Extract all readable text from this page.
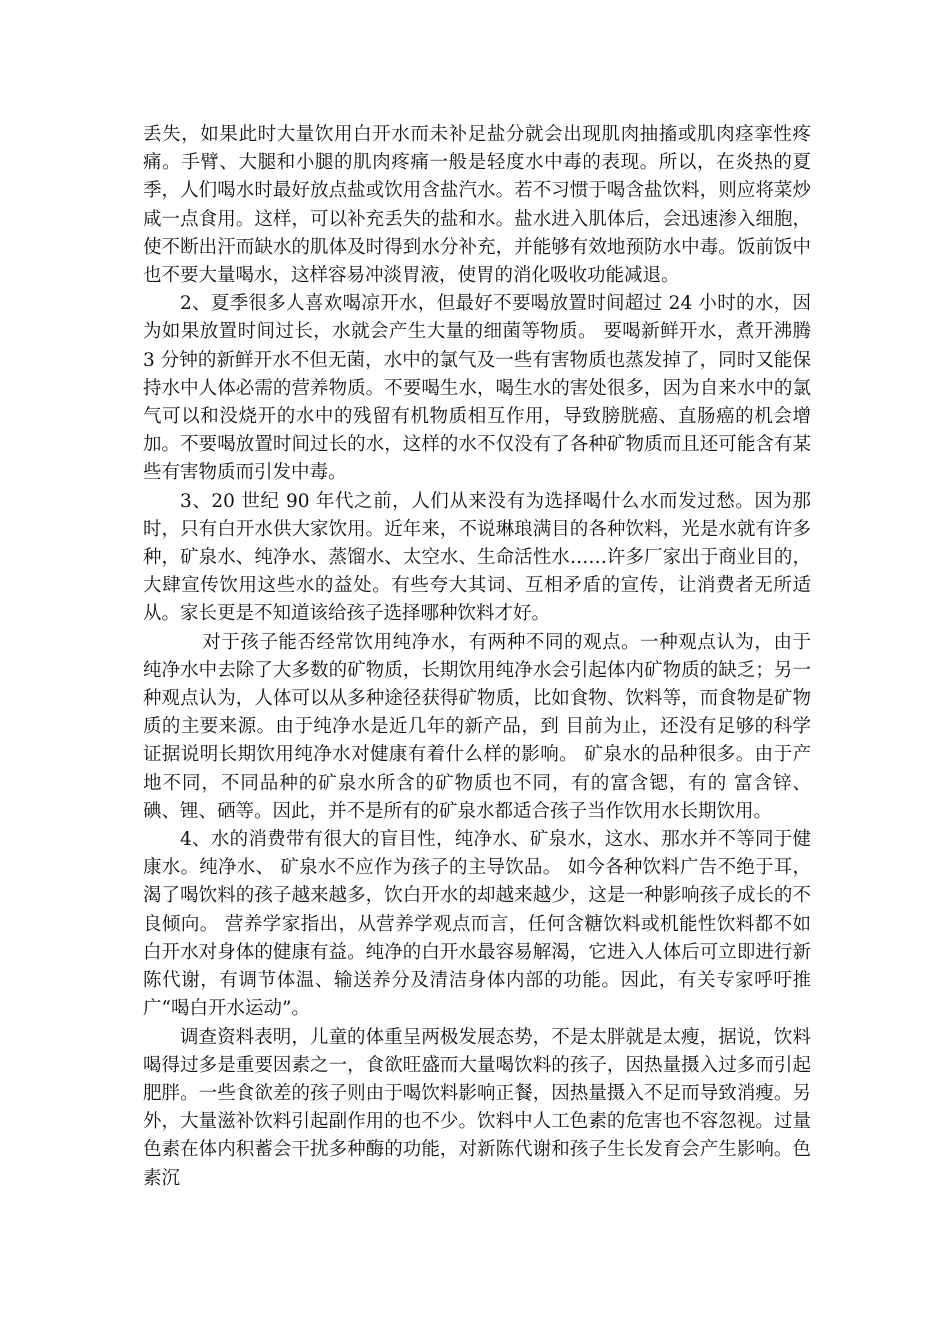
丢失，如果此时大量饮用白开水而未补足盐分就会出现肌肉抽搐或肌肉痉挛性疼痛。手臂、大腿和小腿的肌肉疼痛一般是轻度水中毒的表现。所以，在炎热的夏季，人们喝水时最好放点盐或饮用含盐汽水。若不习惯于喝含盐饮料，则应将菜炒咸一点食用。这样，可以补充丢失的盐和水。盐水进入肌体后，会迅速渗入细胞，使不断出汗而缺水的肌体及时得到水分补充，并能够有效地预防水中毒。饭前饭中也不要大量喝水，这样容易冲淡胃液，使胃的消化吸收功能减退。

2、夏季很多人喜欢喝凉开水，但最好不要喝放置时间超过 24 小时的水，因为如果放置时间过长，水就会产生大量的细菌等物质。 要喝新鲜开水，煮开沸腾 3 分钟的新鲜开水不但无菌，水中的氯气及一些有害物质也蒸发掉了，同时又能保持水中人体必需的营养物质。不要喝生水，喝生水的害处很多，因为自来水中的氯气可以和没烧开的水中的残留有机物质相互作用，导致膀胱癌、直肠癌的机会增加。不要喝放置时间过长的水，这样的水不仅没有了各种矿物质而且还可能含有某些有害物质而引发中毒。

3、20 世纪 90 年代之前，人们从来没有为选择喝什么水而发过愁。因为那时，只有白开水供大家饮用。近年来，不说琳琅满目的各种饮料，光是水就有许多种，矿泉水、纯净水、蒸馏水、太空水、生命活性水……许多厂家出于商业目的，大肆宣传饮用这些水的益处。有些夸大其词、互相矛盾的宣传，让消费者无所适从。家长更是不知道该给孩子选择哪种饮料才好。

对于孩子能否经常饮用纯净水，有两种不同的观点。一种观点认为，由于纯净水中去除了大多数的矿物质，长期饮用纯净水会引起体内矿物质的缺乏；另一种观点认为，人体可以从多种途径获得矿物质，比如食物、饮料等，而食物是矿物质的主要来源。由于纯净水是近几年的新产品，到 目前为止，还没有足够的科学证据说明长期饮用纯净水对健康有着什么样的影响。 矿泉水的品种很多。由于产地不同，不同品种的矿泉水所含的矿物质也不同，有的富含锶，有的 富含锌、碘、锂、硒等。因此，并不是所有的矿泉水都适合孩子当作饮用水长期饮用。

4、水的消费带有很大的盲目性，纯净水、矿泉水，这水、那水并不等同于健康水。纯净水、 矿泉水不应作为孩子的主导饮品。 如今各种饮料广告不绝于耳，渴了喝饮料的孩子越来越多，饮白开水的却越来越少，这是一种影响孩子成长的不良倾向。 营养学家指出，从营养学观点而言，任何含糖饮料或机能性饮料都不如白开水对身体的健康有益。纯净的白开水最容易解渴，它进入人体后可立即进行新陈代谢，有调节体温、输送养分及清洁身体内部的功能。因此，有关专家呼吁推广“喝白开水运动”。

调查资料表明，儿童的体重呈两极发展态势，不是太胖就是太瘦，据说，饮料喝得过多是重要因素之一，食欲旺盛而大量喝饮料的孩子，因热量摄入过多而引起肥胖。一些食欲差的孩子则由于喝饮料影响正餐，因热量摄入不足而导致消瘦。另外，大量滋补饮料引起副作用的也不少。饮料中人工色素的危害也不容忽视。过量色素在体内积蓄会干扰多种酶的功能，对新陈代谢和孩子生长发育会产生影响。色素沉
